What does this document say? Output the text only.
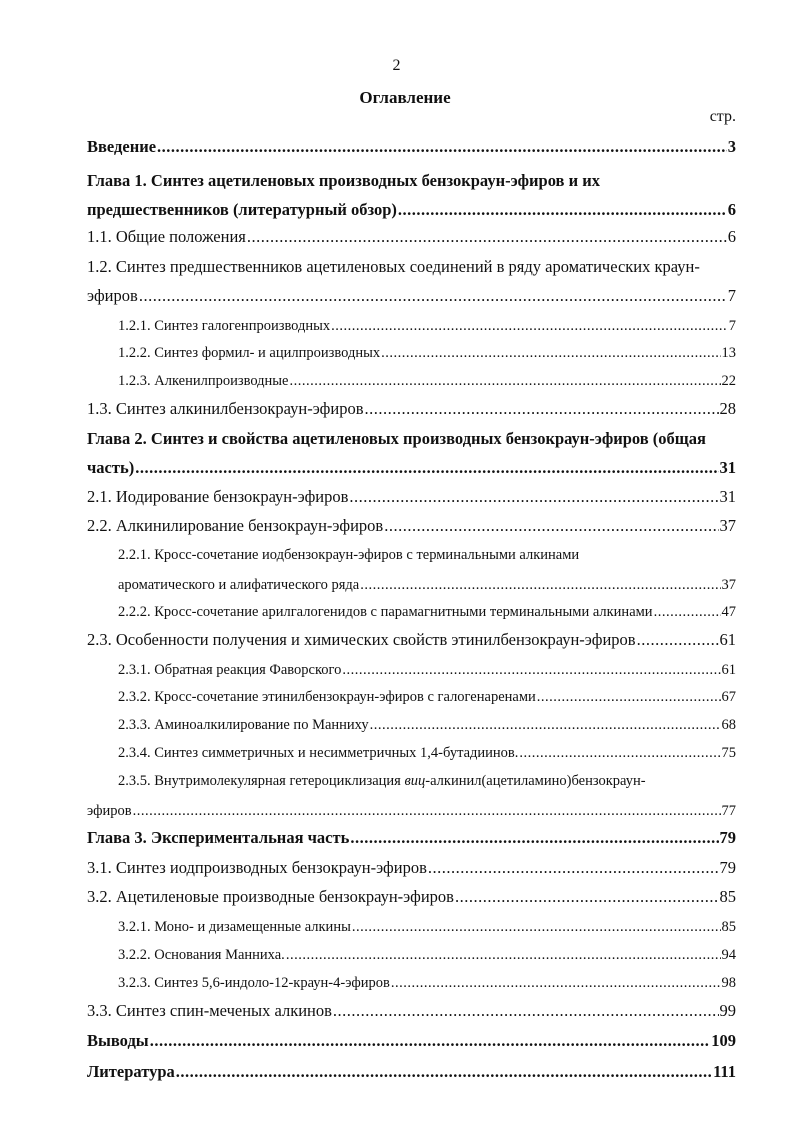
2
Оглавление
стр.
Введение .....	3
Глава 1. Синтез ацетиленовых производных бензокраун-эфиров и их
предшественников (литературный обзор) .....	6
1.1. Общие положения .....	6
1.2. Синтез предшественников ацетиленовых соединений в ряду ароматических краун-
эфиров .....	7
1.2.1. Синтез галогенпроизводных .....	7
1.2.2. Синтез формил- и ацилпроизводных .....	13
1.2.3. Алкенилпроизводные .....	22
1.3. Синтез алкинилбензокраун-эфиров .....	28
Глава 2. Синтез и свойства ацетиленовых производных бензокраун-эфиров (общая
часть) .....	31
2.1. Иодирование бензокраун-эфиров .....	31
2.2. Алкинилирование бензокраун-эфиров .....	37
2.2.1. Кросс-сочетание иодбензокраун-эфиров с терминальными алкинами
ароматического и алифатического ряда .....	37
2.2.2. Кросс-сочетание арилгалогенидов с парамагнитными терминальными алкинами .....	47
2.3. Особенности получения и химических свойств этинилбензокраун-эфиров .....	61
2.3.1. Обратная реакция Фаворского .....	61
2.3.2. Кросс-сочетание этинилбензокраун-эфиров с галогенаренами .....	67
2.3.3. Аминоалкилирование по Манниху .....	68
2.3.4. Синтез симметричных и несимметричных 1,4-бутадиинов. .....	75
2.3.5. Внутримолекулярная гетероциклизация виц-алкинил(ацетиламино)бензокраун-
эфиров .....	77
Глава 3. Экспериментальная часть .....	79
3.1. Синтез иодпроизводных бензокраун-эфиров .....	79
3.2. Ацетиленовые производные бензокраун-эфиров .....	85
3.2.1. Моно- и дизамещенные алкины .....	85
3.2.2. Основания Манниха. .....	94
3.2.3. Синтез 5,6-индоло-12-краун-4-эфиров .....	98
3.3. Синтез спин-меченых алкинов .....	99
Выводы .....	109
Литература .....	111
